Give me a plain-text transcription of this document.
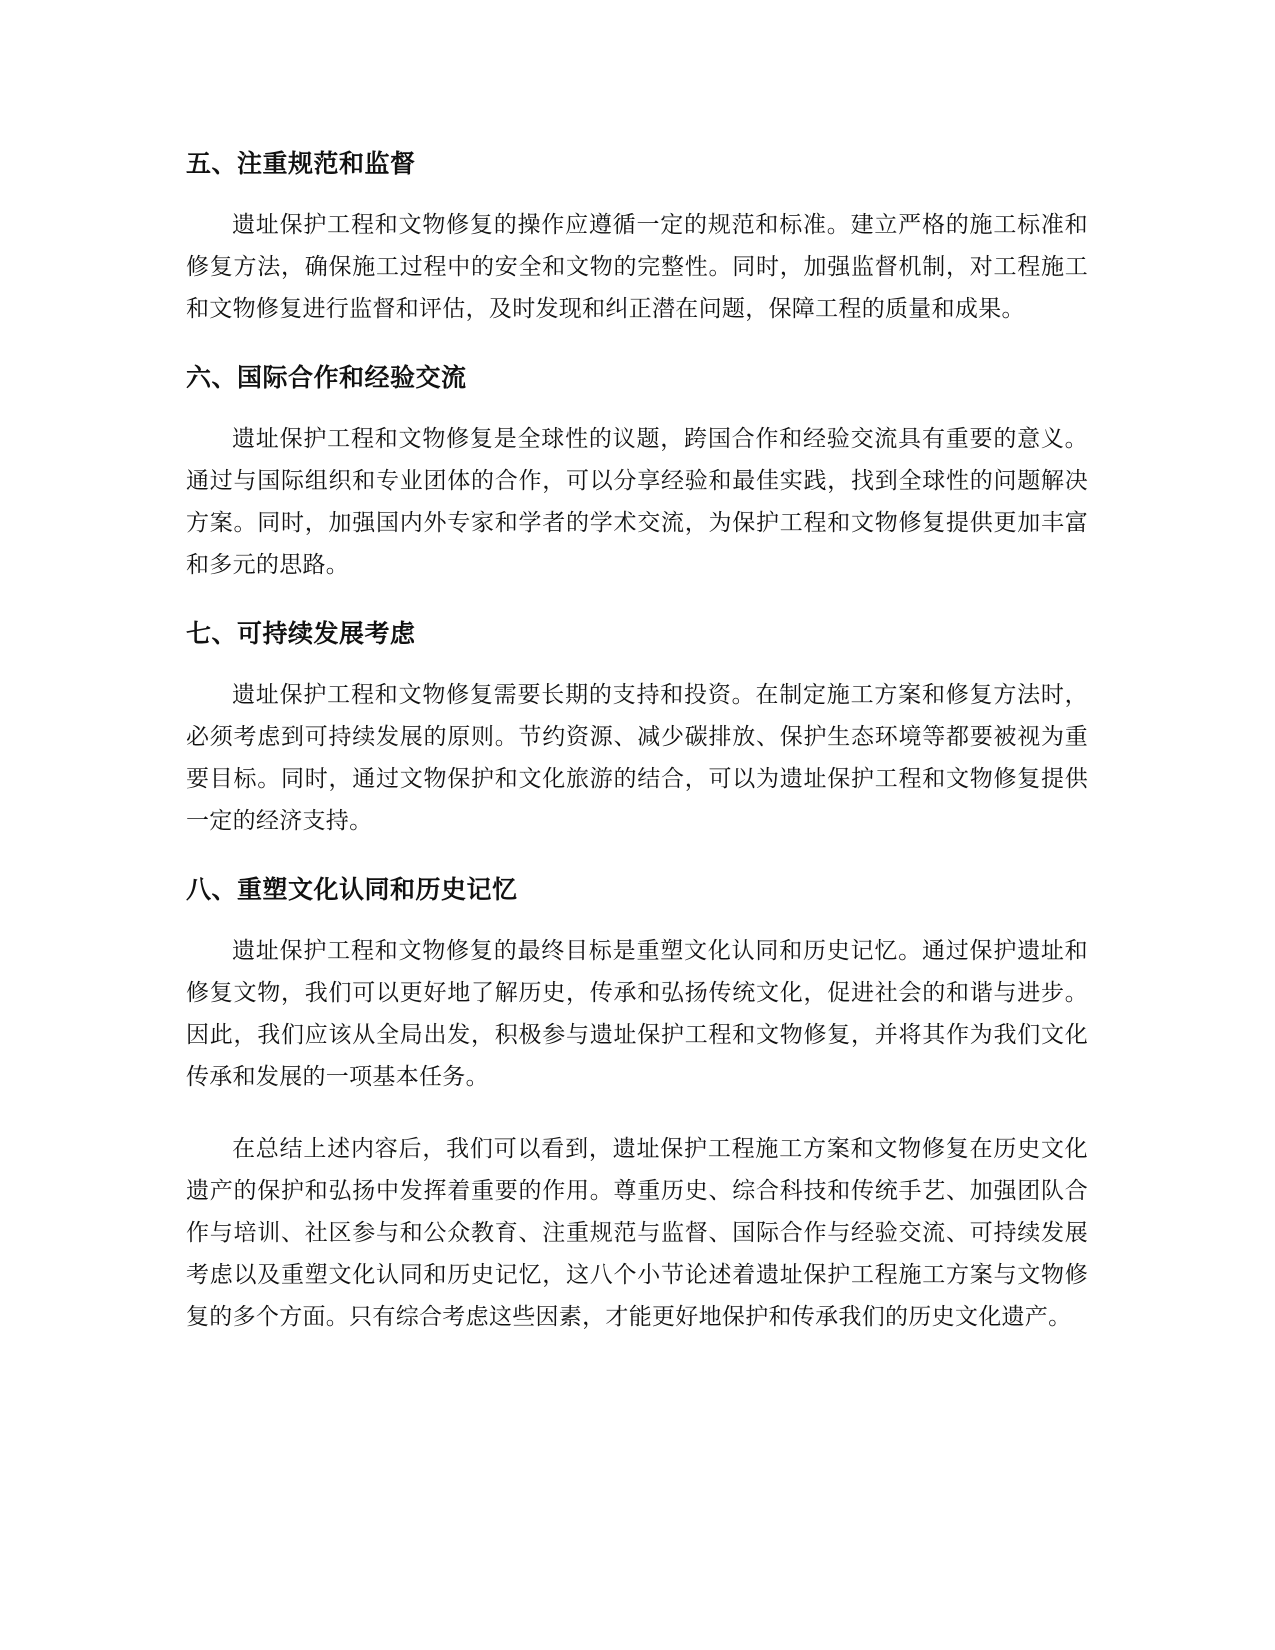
五、注重规范和监督

遗址保护工程和文物修复的操作应遵循一定的规范和标准。建立严格的施工标准和修复方法，确保施工过程中的安全和文物的完整性。同时，加强监督机制，对工程施工和文物修复进行监督和评估，及时发现和纠正潜在问题，保障工程的质量和成果。

六、国际合作和经验交流

遗址保护工程和文物修复是全球性的议题，跨国合作和经验交流具有重要的意义。通过与国际组织和专业团体的合作，可以分享经验和最佳实践，找到全球性的问题解决方案。同时，加强国内外专家和学者的学术交流，为保护工程和文物修复提供更加丰富和多元的思路。

七、可持续发展考虑

遗址保护工程和文物修复需要长期的支持和投资。在制定施工方案和修复方法时，必须考虑到可持续发展的原则。节约资源、减少碳排放、保护生态环境等都要被视为重要目标。同时，通过文物保护和文化旅游的结合，可以为遗址保护工程和文物修复提供一定的经济支持。

八、重塑文化认同和历史记忆

遗址保护工程和文物修复的最终目标是重塑文化认同和历史记忆。通过保护遗址和修复文物，我们可以更好地了解历史，传承和弘扬传统文化，促进社会的和谐与进步。因此，我们应该从全局出发，积极参与遗址保护工程和文物修复，并将其作为我们文化传承和发展的一项基本任务。

在总结上述内容后，我们可以看到，遗址保护工程施工方案和文物修复在历史文化遗产的保护和弘扬中发挥着重要的作用。尊重历史、综合科技和传统手艺、加强团队合作与培训、社区参与和公众教育、注重规范与监督、国际合作与经验交流、可持续发展考虑以及重塑文化认同和历史记忆，这八个小节论述着遗址保护工程施工方案与文物修复的多个方面。只有综合考虑这些因素，才能更好地保护和传承我们的历史文化遗产。
